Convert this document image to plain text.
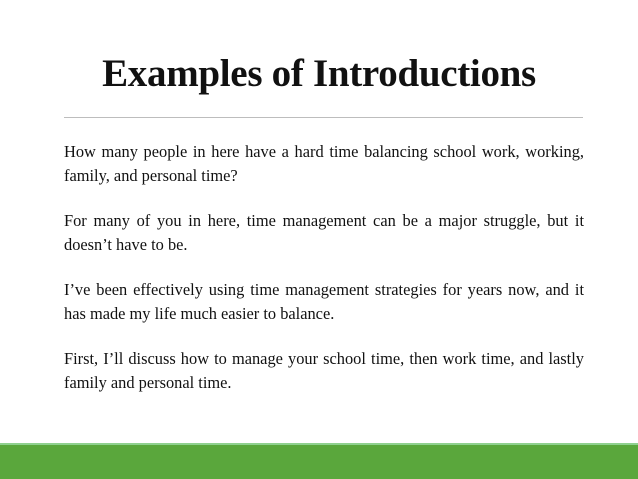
Examples of Introductions

How many people in here have a hard time balancing school work, working, family, and personal time?

For many of you in here, time management can be a major struggle, but it doesn’t have to be.

I’ve been effectively using time management strategies for years now, and it has made my life much easier to balance.

First, I’ll discuss how to manage your school time, then work time, and lastly family and personal time.
